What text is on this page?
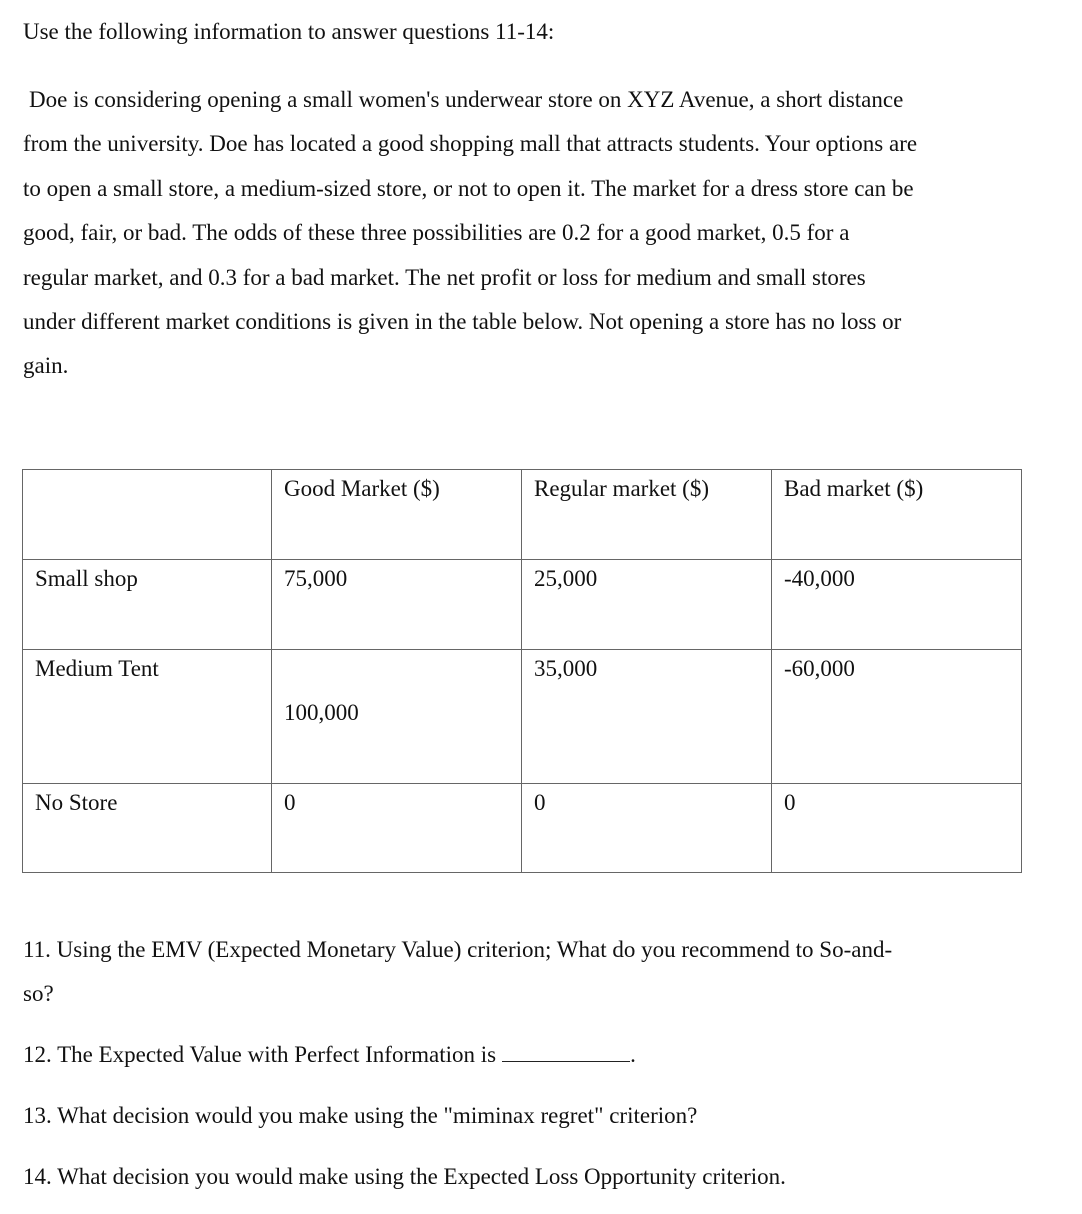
Use the following information to answer questions 11-14:
Doe is considering opening a small women's underwear store on XYZ Avenue, a short distance
from the university. Doe has located a good shopping mall that attracts students. Your options are
to open a small store, a medium-sized store, or not to open it. The market for a dress store can be
good, fair, or bad. The odds of these three possibilities are 0.2 for a good market, 0.5 for a
regular market, and 0.3 for a bad market. The net profit or loss for medium and small stores
under different market conditions is given in the table below. Not opening a store has no loss or
gain.
	Good Market ($)	Regular market ($)	Bad market ($)
Small shop	75,000	25,000	-40,000
Medium Tent	100,000	35,000	-60,000
No Store	0	0	0
11. Using the EMV (Expected Monetary Value) criterion; What do you recommend to So-and-
so?
12. The Expected Value with Perfect Information is	.
13. What decision would you make using the "miminax regret" criterion?
14. What decision you would make using the Expected Loss Opportunity criterion.
